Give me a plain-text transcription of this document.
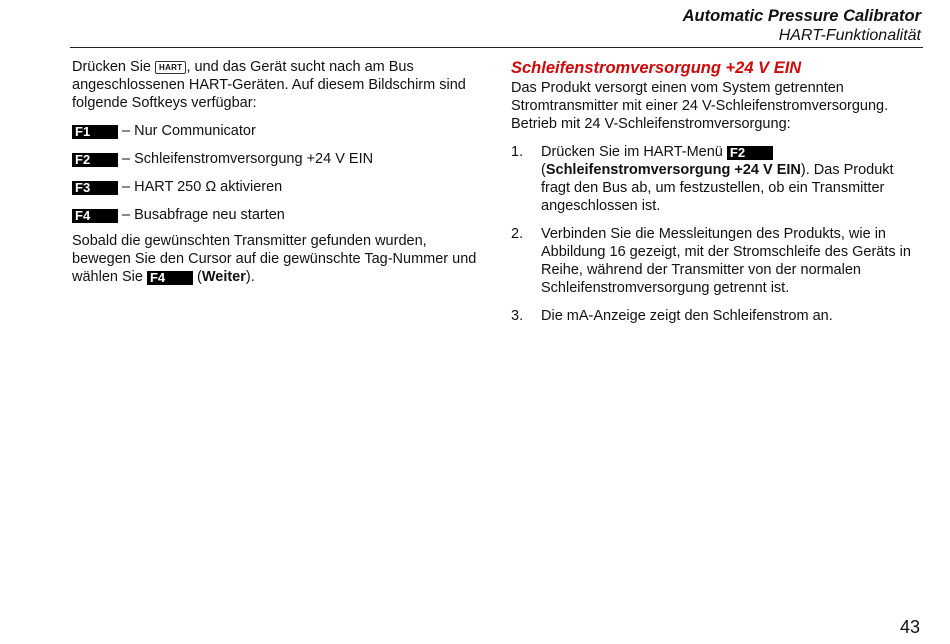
Automatic Pressure Calibrator
HART-Funktionalität

Drücken Sie HART , und das Gerät sucht nach am Bus angeschlossenen HART-Geräten. Auf diesem Bildschirm sind folgende Softkeys verfügbar:

F1 – Nur Communicator

F2 – Schleifenstromversorgung +24 V EIN

F3 – HART 250 Ω aktivieren

F4 – Busabfrage neu starten

Sobald die gewünschten Transmitter gefunden wurden, bewegen Sie den Cursor auf die gewünschte Tag-Nummer und wählen Sie F4 (Weiter).

Schleifenstromversorgung +24 V EIN

Das Produkt versorgt einen vom System getrennten Stromtransmitter mit einer 24 V-Schleifenstromversorgung. Betrieb mit 24 V-Schleifenstromversorgung:

1. Drücken Sie im HART-Menü F2
(Schleifenstromversorgung +24 V EIN). Das Produkt fragt den Bus ab, um festzustellen, ob ein Transmitter angeschlossen ist.
2. Verbinden Sie die Messleitungen des Produkts, wie in Abbildung 16 gezeigt, mit der Stromschleife des Geräts in Reihe, während der Transmitter von der normalen Schleifenstromversorgung getrennt ist.
3. Die mA-Anzeige zeigt den Schleifenstrom an.
43
